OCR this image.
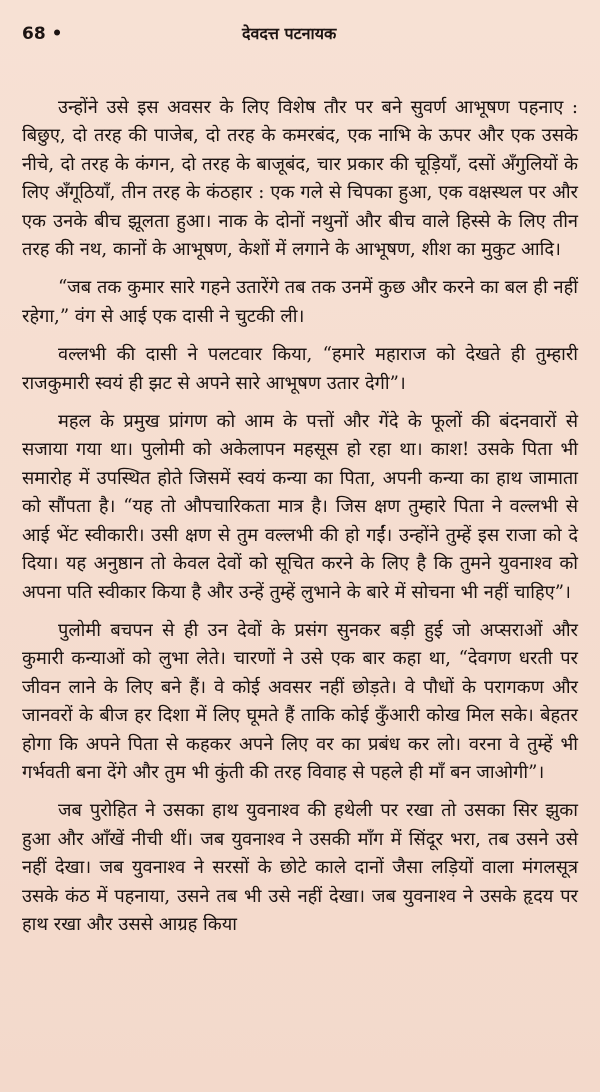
68 •	देवदत्त पटनायक

उन्होंने उसे इस अवसर के लिए विशेष तौर पर बने सुवर्ण आभूषण पहनाए : बिछुए, दो तरह की पाजेब, दो तरह के कमरबंद, एक नाभि के ऊपर और एक उसके नीचे, दो तरह के कंगन, दो तरह के बाजूबंद, चार प्रकार की चूड़ियाँ, दसों अँगुलियों के लिए अँगूठियाँ, तीन तरह के कंठहार : एक गले से चिपका हुआ, एक वक्षस्थल पर और एक उनके बीच झूलता हुआ। नाक के दोनों नथुनों और बीच वाले हिस्से के लिए तीन तरह की नथ, कानों के आभूषण, केशों में लगाने के आभूषण, शीश का मुकुट आदि।

“जब तक कुमार सारे गहने उतारेंगे तब तक उनमें कुछ और करने का बल ही नहीं रहेगा,” वंग से आई एक दासी ने चुटकी ली।

वल्लभी की दासी ने पलटवार किया, “हमारे महाराज को देखते ही तुम्हारी राजकुमारी स्वयं ही झट से अपने सारे आभूषण उतार देगी”।

महल के प्रमुख प्रांगण को आम के पत्तों और गेंदे के फूलों की बंदनवारों से सजाया गया था। पुलोमी को अकेलापन महसूस हो रहा था। काश! उसके पिता भी समारोह में उपस्थित होते जिसमें स्वयं कन्या का पिता, अपनी कन्या का हाथ जामाता को सौंपता है। “यह तो औपचारिकता मात्र है। जिस क्षण तुम्हारे पिता ने वल्लभी से आई भेंट स्वीकारी। उसी क्षण से तुम वल्लभी की हो गईं। उन्होंने तुम्हें इस राजा को दे दिया। यह अनुष्ठान तो केवल देवों को सूचित करने के लिए है कि तुमने युवनाश्व को अपना पति स्वीकार किया है और उन्हें तुम्हें लुभाने के बारे में सोचना भी नहीं चाहिए”।

पुलोमी बचपन से ही उन देवों के प्रसंग सुनकर बड़ी हुई जो अप्सराओं और कुमारी कन्याओं को लुभा लेते। चारणों ने उसे एक बार कहा था, “देवगण धरती पर जीवन लाने के लिए बने हैं। वे कोई अवसर नहीं छोड़ते। वे पौधों के परागकण और जानवरों के बीज हर दिशा में लिए घूमते हैं ताकि कोई कुँआरी कोख मिल सके। बेहतर होगा कि अपने पिता से कहकर अपने लिए वर का प्रबंध कर लो। वरना वे तुम्हें भी गर्भवती बना देंगे और तुम भी कुंती की तरह विवाह से पहले ही माँ बन जाओगी”।

जब पुरोहित ने उसका हाथ युवनाश्व की हथेली पर रखा तो उसका सिर झुका हुआ और आँखें नीची थीं। जब युवनाश्व ने उसकी माँग में सिंदूर भरा, तब उसने उसे नहीं देखा। जब युवनाश्व ने सरसों के छोटे काले दानों जैसा लड़ियों वाला मंगलसूत्र उसके कंठ में पहनाया, उसने तब भी उसे नहीं देखा। जब युवनाश्व ने उसके हृदय पर हाथ रखा और उससे आग्रह किया
